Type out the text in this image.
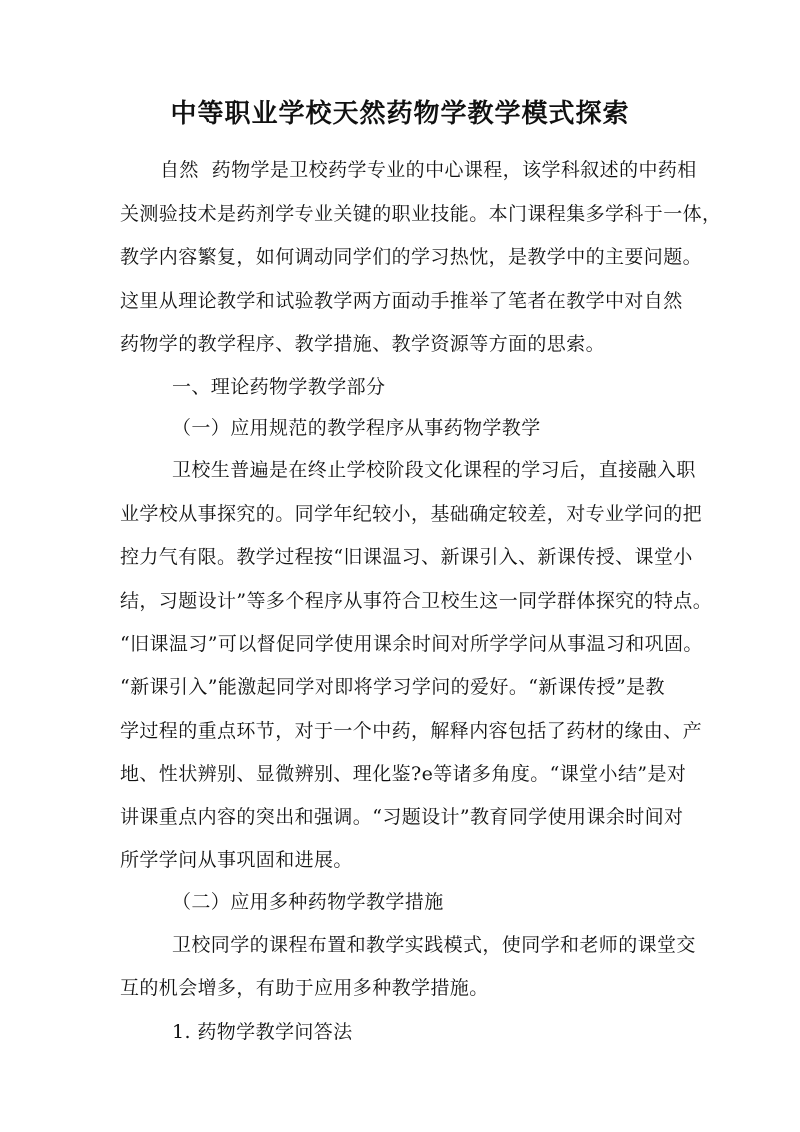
中等职业学校天然药物学教学模式探索
自然  药物学是卫校药学专业的中心课程，该学科叙述的中药相
关测验技术是药剂学专业关键的职业技能。本门课程集多学科于一体，
教学内容繁复，如何调动同学们的学习热忱，是教学中的主要问题。
这里从理论教学和试验教学两方面动手推举了笔者在教学中对自然
药物学的教学程序、教学措施、教学资源等方面的思索。
一、理论药物学教学部分
（一）应用规范的教学程序从事药物学教学
卫校生普遍是在终止学校阶段文化课程的学习后，直接融入职
业学校从事探究的。同学年纪较小，基础确定较差，对专业学问的把
控力气有限。教学过程按“旧课温习、新课引入、新课传授、课堂小
结，习题设计”等多个程序从事符合卫校生这一同学群体探究的特点。
“旧课温习”可以督促同学使用课余时间对所学学问从事温习和巩固。
“新课引入”能激起同学对即将学习学问的爱好。“新课传授”是教
学过程的重点环节，对于一个中药，解释内容包括了药材的缘由、产
地、性状辨别、显微辨别、理化鉴?e等诸多角度。“课堂小结”是对
讲课重点内容的突出和强调。“习题设计”教育同学使用课余时间对
所学学问从事巩固和进展。
（二）应用多种药物学教学措施
卫校同学的课程布置和教学实践模式，使同学和老师的课堂交
互的机会增多，有助于应用多种教学措施。
1. 药物学教学问答法
